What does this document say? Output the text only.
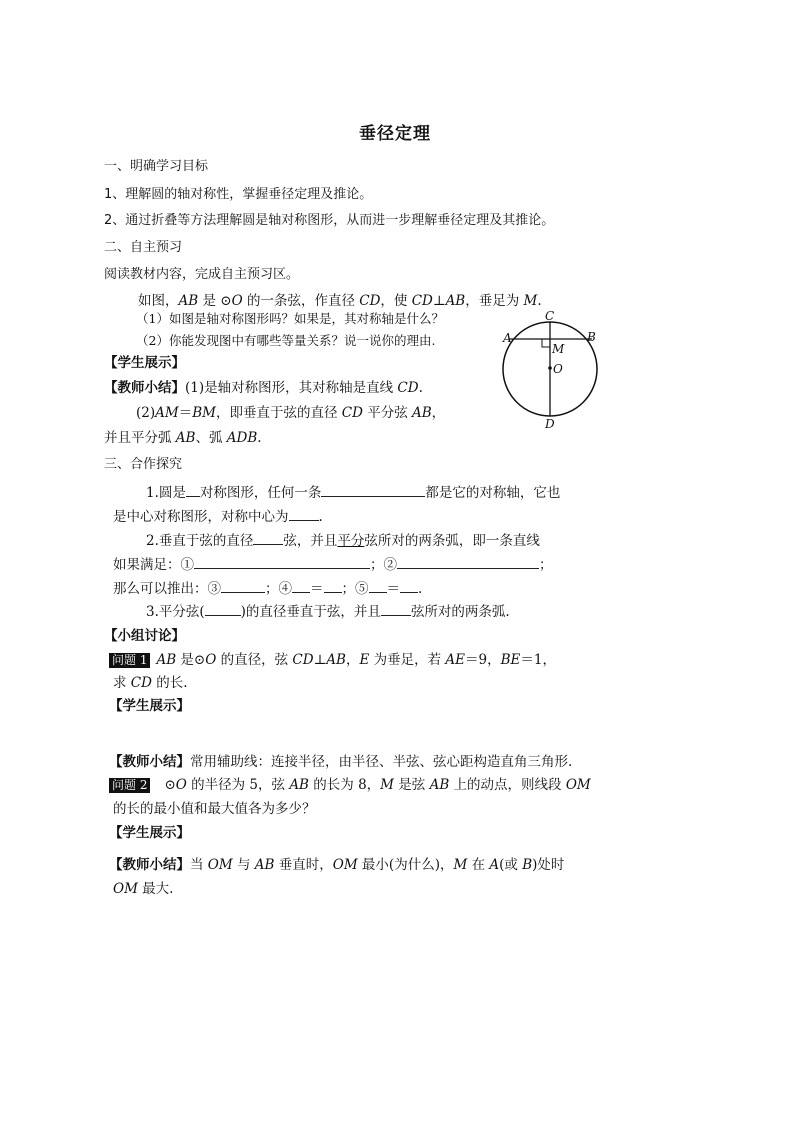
垂径定理
一、明确学习目标
1、理解圆的轴对称性，掌握垂径定理及推论。
2、通过折叠等方法理解圆是轴对称图形，从而进一步理解垂径定理及其推论。
二、自主预习
阅读教材内容，完成自主预习区。
如图，AB 是 ⊙O 的一条弦，作直径 CD，使 CD⊥AB，垂足为 M.
（1）如图是轴对称图形吗？如果是，其对称轴是什么？
（2）你能发现图中有哪些等量关系？说一说你的理由.
【学生展示】
【教师小结】(1)是轴对称图形，其对称轴是直线 CD.
(2)AM＝BM，即垂直于弦的直径 CD 平分弦 AB，
并且平分弧 AB、弧 ADB.
C
A	B
M
O
D
三、合作探究
1.圆是 对称图形，任何一条	都是它的对称轴，它也
是中心对称图形，对称中心为 .
2.垂直于弦的直径 弦，并且平分弦所对的两条弧，即一条直线
如果满足：①	；②	；
那么可以推出：③	；④ ＝ ；⑤ ＝ .
3.平分弦(	)的直径垂直于弦，并且 弦所对的两条弧.
【小组讨论】
问题 1 AB 是⊙O 的直径，弦 CD⊥AB，E 为垂足，若 AE＝9，BE＝1，
求 CD 的长.
【学生展示】
【教师小结】常用辅助线：连接半径，由半径、半弦、弦心距构造直角三角形.
问题 2 ⊙O 的半径为 5，弦 AB 的长为 8，M 是弦 AB 上的动点，则线段 OM
的长的最小值和最大值各为多少？
【学生展示】
【教师小结】当 OM 与 AB 垂直时，OM 最小(为什么)，M 在 A(或 B)处时
OM 最大.
